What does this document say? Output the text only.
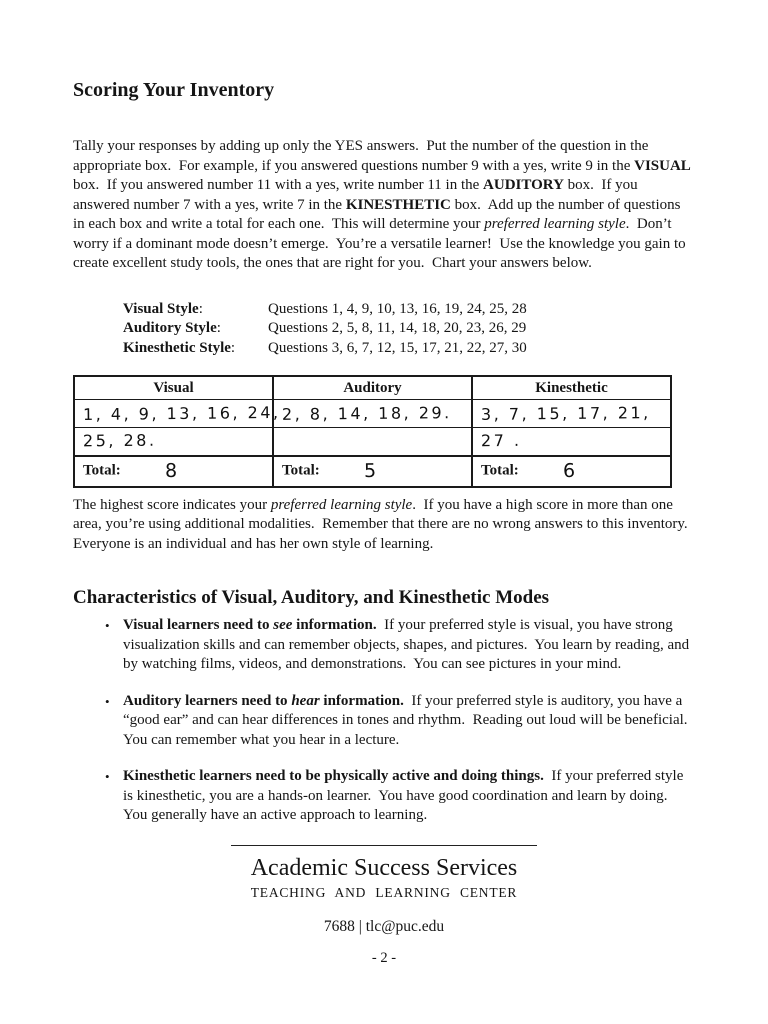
Scoring Your Inventory

Tally your responses by adding up only the YES answers.  Put the number of the question in the appropriate box.  For example, if you answered questions number 9 with a yes, write 9 in the VISUAL box.  If you answered number 11 with a yes, write number 11 in the AUDITORY box.  If you answered number 7 with a yes, write 7 in the KINESTHETIC box.  Add up the number of questions in each box and write a total for each one.  This will determine your preferred learning style.  Don’t worry if a dominant mode doesn’t emerge.  You’re a versatile learner!  Use the knowledge you gain to create excellent study tools, the ones that are right for you.  Chart your answers below.

Visual Style:	Questions 1, 4, 9, 10, 13, 16, 19, 24, 25, 28
Auditory Style:	Questions 2, 5, 8, 11, 14, 18, 20, 23, 26, 29
Kinesthetic Style:	Questions 3, 6, 7, 12, 15, 17, 21, 22, 27, 30
Visual	Auditory	Kinesthetic
1, 4, 9, 13, 16, 24,	2, 8, 14, 18, 29.	3, 7, 15, 17, 21,
25, 28.		27 .
Total: 8	Total: 5	Total: 6

The highest score indicates your preferred learning style.  If you have a high score in more than one area, you’re using additional modalities.  Remember that there are no wrong answers to this inventory.  Everyone is an individual and has her own style of learning.

Characteristics of Visual, Auditory, and Kinesthetic Modes
• Visual learners need to see information.  If your preferred style is visual, you have strong visualization skills and can remember objects, shapes, and pictures.  You learn by reading, and by watching films, videos, and demonstrations.  You can see pictures in your mind.
• Auditory learners need to hear information.  If your preferred style is auditory, you have a “good ear” and can hear differences in tones and rhythm.  Reading out loud will be beneficial.  You can remember what you hear in a lecture.
• Kinesthetic learners need to be physically active and doing things.  If your preferred style is kinesthetic, you are a hands-on learner.  You have good coordination and learn by doing.  You generally have an active approach to learning.
Academic Success Services
TEACHING AND LEARNING CENTER
7688 | tlc@puc.edu
- 2 -
